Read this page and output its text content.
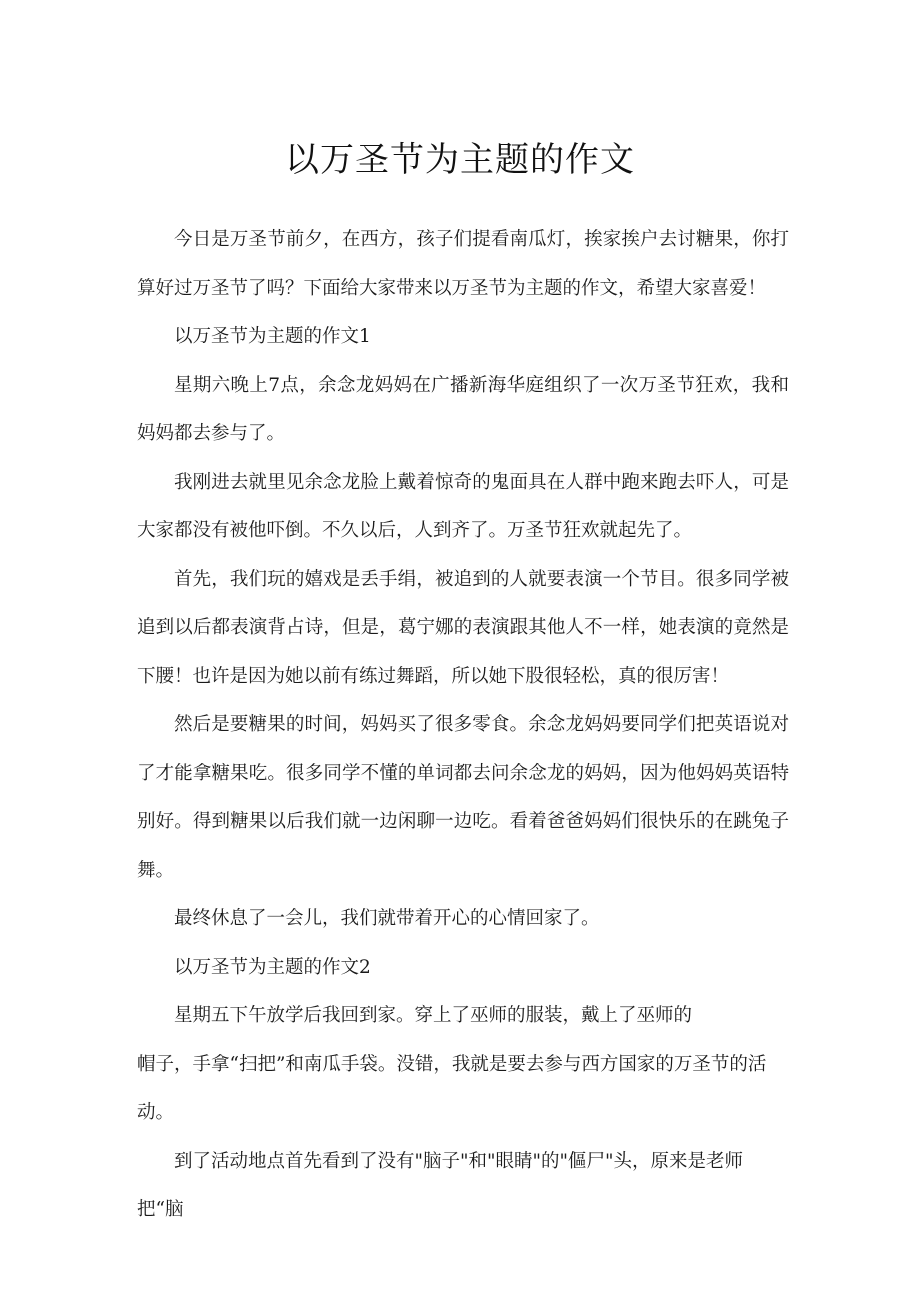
以万圣节为主题的作文

今日是万圣节前夕，在西方，孩子们提看南瓜灯，挨家挨户去讨糖果，你打算好过万圣节了吗？下面给大家带来以万圣节为主题的作文，希望大家喜爱！

以万圣节为主题的作文1

星期六晚上7点，余念龙妈妈在广播新海华庭组织了一次万圣节狂欢，我和妈妈都去参与了。

我刚进去就里见余念龙脸上戴着惊奇的鬼面具在人群中跑来跑去吓人，可是大家都没有被他吓倒。不久以后，人到齐了。万圣节狂欢就起先了。

首先，我们玩的嬉戏是丢手绢，被追到的人就要表演一个节目。很多同学被追到以后都表演背占诗，但是，葛宁娜的表演跟其他人不一样，她表演的竟然是下腰！也许是因为她以前有练过舞蹈，所以她下股很轻松，真的很厉害！

然后是要糖果的时间，妈妈买了很多零食。余念龙妈妈要同学们把英语说对了才能拿糖果吃。很多同学不懂的单词都去问余念龙的妈妈，因为他妈妈英语特别好。得到糖果以后我们就一边闲聊一边吃。看着爸爸妈妈们很快乐的在跳兔子舞。

最终休息了一会儿，我们就带着开心的心情回家了。

以万圣节为主题的作文2

星期五下午放学后我回到家。穿上了巫师的服装，戴上了巫师的

帽子，手拿“扫把”和南瓜手袋。没错，我就是要去参与西方国家的万圣节的活动。

到了活动地点首先看到了没有"脑子"和"眼睛"的"傴尸"头，原来是老师把“脑
